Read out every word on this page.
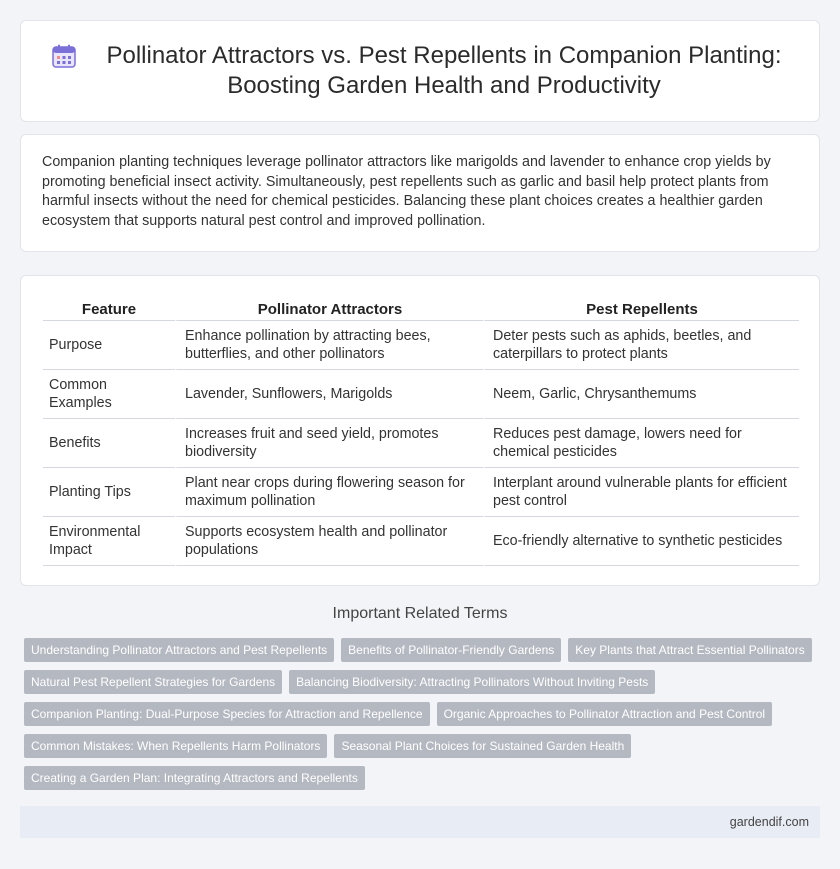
Pollinator Attractors vs. Pest Repellents in Companion Planting: Boosting Garden Health and Productivity

Companion planting techniques leverage pollinator attractors like marigolds and lavender to enhance crop yields by promoting beneficial insect activity. Simultaneously, pest repellents such as garlic and basil help protect plants from harmful insects without the need for chemical pesticides. Balancing these plant choices creates a healthier garden ecosystem that supports natural pest control and improved pollination.

Feature	Pollinator Attractors	Pest Repellents
Purpose	Enhance pollination by attracting bees, butterflies, and other pollinators	Deter pests such as aphids, beetles, and caterpillars to protect plants
Common Examples	Lavender, Sunflowers, Marigolds	Neem, Garlic, Chrysanthemums
Benefits	Increases fruit and seed yield, promotes biodiversity	Reduces pest damage, lowers need for chemical pesticides
Planting Tips	Plant near crops during flowering season for maximum pollination	Interplant around vulnerable plants for efficient pest control
Environmental Impact	Supports ecosystem health and pollinator populations	Eco-friendly alternative to synthetic pesticides
Important Related Terms
Understanding Pollinator Attractors and Pest Repellents	Benefits of Pollinator-Friendly Gardens	Key Plants that Attract Essential Pollinators
Natural Pest Repellent Strategies for Gardens	Balancing Biodiversity: Attracting Pollinators Without Inviting Pests
Companion Planting: Dual-Purpose Species for Attraction and Repellence	Organic Approaches to Pollinator Attraction and Pest Control
Common Mistakes: When Repellents Harm Pollinators	Seasonal Plant Choices for Sustained Garden Health
Creating a Garden Plan: Integrating Attractors and Repellents
gardendif.com
